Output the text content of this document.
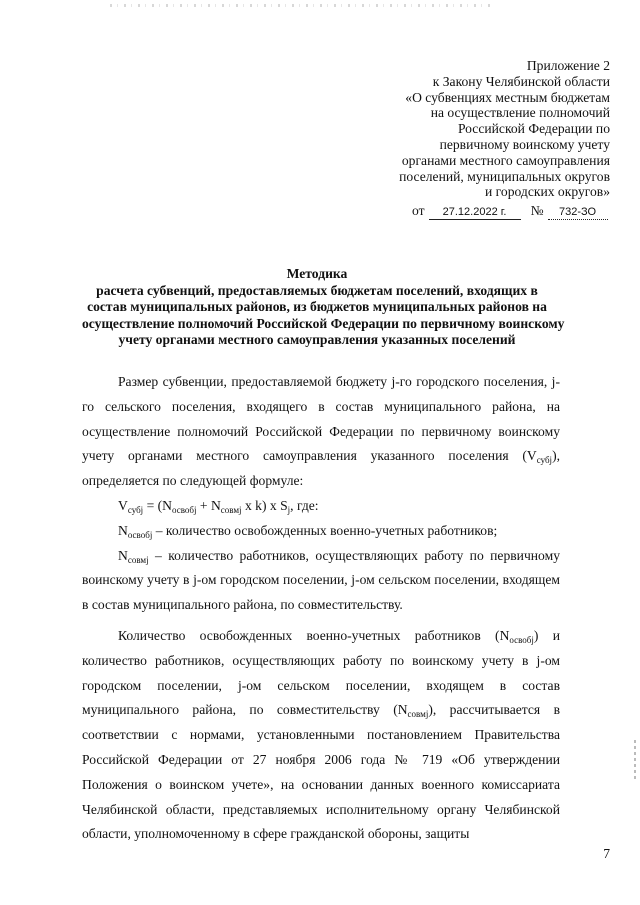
Приложение 2
к Закону Челябинской области
«О субвенциях местным бюджетам
на осуществление полномочий
Российской Федерации по
первичному воинскому учету
органами местного самоуправления
поселений, муниципальных округов
и городских округов»
от 27.12.2022 г. № 732-ЗО
Методика
расчета субвенций, предоставляемых бюджетам поселений, входящих в
состав муниципальных районов, из бюджетов муниципальных районов на
осуществление полномочий Российской Федерации по первичному воинскому
учету органами местного самоуправления указанных поселений

Размер субвенции, предоставляемой бюджету j-го городского поселения, j-го сельского поселения, входящего в состав муниципального района, на осуществление полномочий Российской Федерации по первичному воинскому учету органами местного самоуправления указанного поселения $(V_{субj})$, определяется по следующей формуле:

$V_{субj} = (N_{освобj} + N_{совмj}$ х k) х $S_j$, где:

$N_{освобj}$ – количество освобожденных военно-учетных работников;

$N_{совмj}$ – количество работников, осуществляющих работу по первичному воинскому учету в j-ом городском поселении, j-ом сельском поселении, входящем в состав муниципального района, по совместительству.

Количество освобожденных военно-учетных работников $(N_{освобj})$ и количество работников, осуществляющих работу по воинскому учету в j-ом городском поселении, j-ом сельском поселении, входящем в состав муниципального района, по совместительству $(N_{совмj})$, рассчитывается в соответствии с нормами, установленными постановлением Правительства Российской Федерации от 27 ноября 2006 года № 719 «Об утверждении Положения о воинском учете», на основании данных военного комиссариата Челябинской области, представляемых исполнительному органу Челябинской области, уполномоченному в сфере гражданской обороны, защиты

7
